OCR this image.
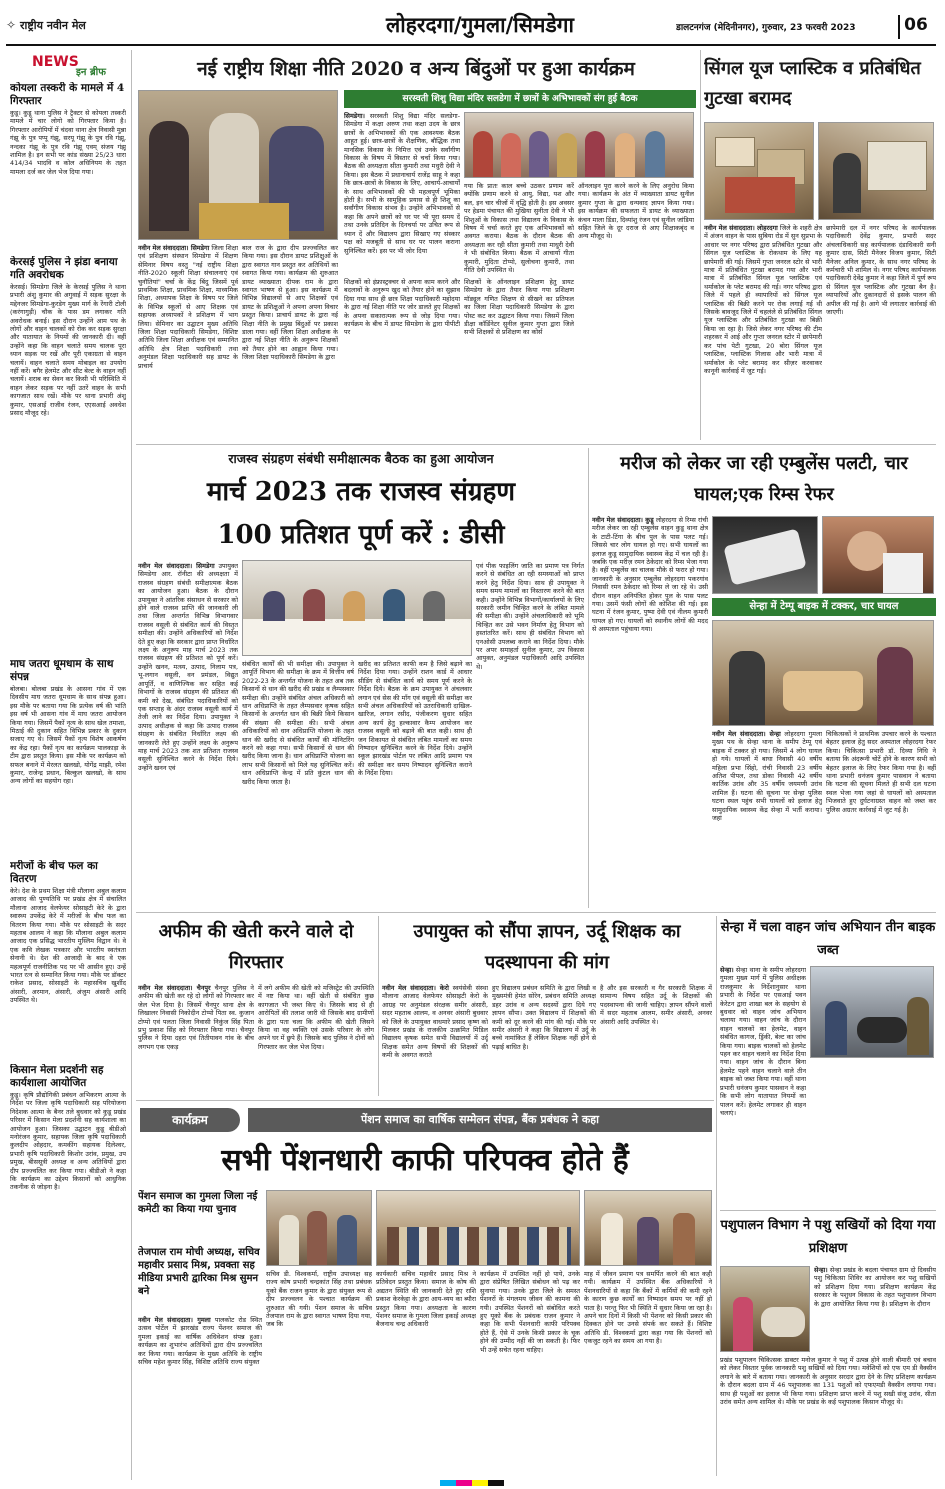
✧ राष्ट्रीय नवीन मेल	लोहरदगा/गुमला/सिमडेगा	डालटनगंज (मेदिनीनगर), गुरुवार, 23 फरवरी 2023	06
NEWS
इन ब्रीफ
कोयला तस्करी के मामले में 4 गिरफ्तार
कुडू। कुडू थाना पुलिस ने ट्रैक्टर से कोयला तस्करी मामले में चार लोगो को गिरफ्तार किया है। गिरफ्तार आरोपियों में चंदवा थाना क्षेत्र निवासी मुन्ना गंझू के पुत्र पप्पू गंझू, सरयू गंझू के पुत्र रवि गंझू, नन्दका गंझू के पुत्र रवि गंझू एवम् संजय गंझू शामिल है। इन सभी पर कांड संख्या 25/23 धारा 414/34 भादवि व कोल अधिनियम के तहत मामला दर्ज कर जेल भेज दिया गया।
केरसई पुलिस ने झंडा बनाया गति अवरोधक
केरसई। सिमडेगा जिले के केरसई पुलिस ने थाना प्रभारी अंशु कुमार की अगुवाई में सड़क सुरक्षा के मद्देनजर सिमडेगा-कुरडेग मुख्य मार्ग के रेंगारी टोली (करंगागुड़ी) चौक के पास डम लगाकर गति अवरोधक बनाई। इस दौरान उन्होंने आम पथ के लोगों और वाहन चालकों को रोक कर सड़क सुरक्षा और यातायात के नियमों की जानकारी दी। वहीं उन्होंने कहा कि वाहन चलाते समय चालक पूरा ध्यान सड़क पर रखें और पूरी एकाग्रता से वाहन चलायें। वाहन चलाते समय मोबाइल का उपयोग नहीं करें। बगैर हेलमेट और सीट बेल्ट के वाहन नहीं चलायें। शराब का सेवन कर किसी भी परिस्थिति में वाहन लेकर सड़क पर नहीं उतरें वाहन के सभी कागजात साथ रखें। मौके पर थाना प्रभारी अंशु कुमार, एसआई राजीव रंजन, एएसआई अवधेश प्रसाद मौजूद रहे।
माघ जतरा धूमधाम के साथ संपन्न
बोलबा। बोलबा प्रखंड के आसना गांव में एक दिवसीय माघ जतरा धूमधाम के साथ संपन्न हुआ। इस मौके पर बताया गया कि प्रत्येक वर्ष की भांति इस वर्ष भी आसना गांव में माघ जतरा आयोजन किया गया। जिसमें पैकों नृत्य के साथ खेल तमाशा, मिठाई की दुकान सहित विभिन्न प्रकार के दुकान सजाए गए थे। जिसमें पैकों नृत्य विशेष आकर्षण का केंद्र रहा। पैकों नृत्य का कार्यक्रम पालकाड़ा के टीम द्वारा प्रस्तुत किया। इस मौके पर कार्यक्रम को सफल बनाने में मेरलत खलखो, योगेंद्र माझी, रमेश कुमार, राजेन्द्र प्रधान, बिल्कुल खलखो, के साथ अन्य लोगों का सहयोग रहा।
मरीजों के बीच फल का वितरण
केरे। देश के प्रथम शिक्षा मंत्री मौलाना अबुल कलाम आजाद की पुण्यतिथि पर प्रखंड क्षेत्र में संचालित मौलाना आजाद वेलफेयर सोसाइटी केरे के द्वारा स्वास्थ्य उपकेंद्र केरे में मरीजों के बीच फल का वितरण किया गया। मौके पर सोसाइटी के सदर महताब आलम ने कहा कि मौलाना अबुल कलाम आजाद एक प्रसिद्ध भारतीय मुस्लिम विद्वान थे। वे एक कवि लेखक पत्रकार और भारतीय स्वतंत्रता सेनानी थे। देश की आजादी के बाद वे एक महत्वपूर्ण राजनीतिक पद पर भी आसीन हुए। उन्हें भारत रत्न से सम्मानित किया गया। मौके पर डॉक्टर राकेश प्रसाद, सोसाइटी के महासचिव खुर्शीद अंसारी, अरमान, अंसारी, अंजुम अंसारी आदि उपस्थित थे।
किसान मेला प्रदर्शनी सह कार्यशाला आयोजित
कुडू। कृषि प्रौद्योगिकी प्रबंधन अभिकरण आत्मा के निर्देश पर जिला कृषि पदाधिकारी सह परियोजना निदेशक आत्मा के बैनर तले बुधवार को कुडू प्रखंड परिसर में किसान मेला प्रदर्शनी सह कार्यशाला का आयोजन हुआ। जिसका उद्घाटन कुडू बीडीओ मनोरंजन कुमार, सहायक जिला कृषि पदाधिकारी कुलदीप ओहदार, कमकींग सहायक दिलेश्वर, प्रभारी कृषि पदाधिकारी किशोर उरांव, प्रमुख, उप प्रमुख, बीससूत्री अध्यक्ष व अन्य अतिथियों द्वारा दीप प्रज्ज्वलित कर किया गया। बीडीओ ने कहा कि कार्यक्रम का उद्देश्य किसानों को आधुनिक तकनीक से जोड़ना है।
नई राष्ट्रीय शिक्षा नीति 2020 व अन्य बिंदुओं पर हुआ कार्यक्रम
सरस्वती शिशु विद्या मंदिर सलडेगा में छात्रों के अभिभावकों संग हुई बैठक
सिमडेगा। सरस्वती शिशु विद्या मंदिर सलडेगा-सिमडेगा में कक्षा अरुण तथा कक्षा उदय के छात्र छात्रों के अभिभावकों की एक आवश्यक बैठक आहूत हुई। छात्र-छात्रों के शैक्षणिक, बौद्धिक तथा मानसिक विकास के निमित्त एवं उनके सर्वांगीण विकास के विषय में विस्तार से चर्चा किया गया। बैठक की अध्यक्षता सीता कुमारी तथा मधुरी देवी ने किया। इस बैठक में प्रधानाचार्य राजेंद्र साहू ने कहा कि छात्र-छात्रों के विकास के लिए, आचार्य-आचार्यों के साथ अभिभावकों की भी महत्वपूर्ण भूमिका होती है। सभी के सामूहिक प्रयास से ही शिशु का सर्वांगीण विकास संभव है। उन्होंने अभिभावकों से कहा कि अपने छात्रों को घर पर भी पूरा समय दें तथा उनके प्रतिदिन के दिनचर्या पर उचित रूप से ध्यान दें और विद्यालय द्वारा सिखाए गए संस्कार पक्ष को मजबूती से साथ घर पर पालन कराना सुनिश्चित करें। इस पर भी जोर दिया
गया कि प्रातः काल बच्चे उठकर प्रणाम करें क्योंकि प्रणाम करने से आयु, विद्या, यश और बल, इन चार चीजों में वृद्धि होती है। इस अवसर पर हेडमा पंचायत की मुखिया सुनीता देवी ने भी शिशुओं के विकास तथा विद्यालय के विकास के विषय में चर्चा करते हुए एक अभिभावकों को अवगत कराया। बैठक के दौरान बैठक की अध्यक्षता कर रही सीता कुमारी तथा माधुरी देवी ने भी संबोधित किया। बैठक में आचार्या गीता कुमारी, मुदिता टोप्पो, सुलोचना कुमारी, तथा गीति देवी उपस्थित थे।
ऑनलाइन पूरा करने करने के लिए अनुरोध किया गया। कार्यक्रम के अंत में व्याख्याता डायट सुनील कुमार गुप्ता के द्वारा धन्यवाद ज्ञापन किया गया। इस कार्यक्रम की सफलता में डायट के व्याख्याता कंचन माला डिंडा, दिव्यांशु रंजन एवं सुनील जांडिया सहित जिले के दूर दराज से आए शिक्षाकबृंद व अन्य मौजूद थे।
नवीन मेल संवाददाता। सिमडेगा जिला शिक्षा एवं प्रशिक्षण संस्थान सिमडेगा में शिक्षण सेमिनार विषय वस्तु "नई राष्ट्रीय शिक्षा नीति-2020 स्कूली शिक्षा संचालनाएं एवं चुनौतियां" चर्चा के केंद्र बिंदु जिसमें पूर्व प्राथमिक शिक्षा, प्राथमिक शिक्षा, माध्यमिक शिक्षा, अध्यापक शिक्षा के विषय पर जिले के विभिन्न स्कूलों से आए शिक्षक एवं सहायक अध्यापकों ने प्रशिक्षण में भाग लिया। सेमिनार का उद्घाटन मुख्य अतिथि जिला शिक्षा पदाधिकारी सिमडेगा, विशिष्ट अतिथि जिला शिक्षा अधीक्षक एवं सम्मानित अतिथि क्षेत्र शिक्षा पदाधिकारी तथा अनुमंडल शिक्षा पदाधिकारी सह डायट के प्राचार्य
बाल राज के द्वारा दीप प्रज्ज्वलित कर किया गया। इस दौरान डायट प्रशिक्षुओं के द्वारा स्वागत गान प्रस्तुत कर अतिथियों का स्वागत किया गया। कार्यक्रम की शुरुआत डायट व्याख्याता दीपक राम के द्वारा स्वागत भाषण से हुआ। इस कार्यक्रम में विभिन्न विद्यालयों से आए शिक्षकों एवं डायट के प्रशिक्षुओं ने अपना अपना विचार प्रस्तुत किया। प्राचार्य डायट के द्वारा नई शिक्षा नीति के प्रमुख बिंदुओं पर प्रकाश डाला गया। वहीं जिला शिक्षा अधीक्षक के द्वारा नई शिक्षा नीति के अनुरूप शिक्षकों को तैयार होने का आह्वान किया गया। जिला शिक्षा पदाधिकारी सिमडेगा के द्वारा
शिक्षकों को इंफ्रास्ट्रक्चर से अपना काम करने और बदलावों के अनुरूप खुद को तैयार होने का सुझाव दिया गया साथ ही छात्र शिक्षा पदाधिकारी महोदया के द्वारा नई शिक्षा नीति पर जोर डालते हुए शिक्षकों के अपना सकारात्मक रूप से जोड़ दिया गया। कार्यक्रम के बीच में डायट सिमडेगा के द्वारा पीपीटी पर
शिक्षकों के ऑनलाइन प्रशिक्षण हेतु डायट सिमडेगा के द्वारा तैयार किया गया प्रशिक्षण मॉड्यूल गणित शिक्षण से सीखने का प्रतिफल का जिला शिक्षा पदाधिकारी सिमडेगा के द्वारा पोस्ट कट कर उद्घाटन किया गया। जिसमें जिला डीक्षा कॉर्डिनेटर सुनील कुमार गुप्ता द्वारा जिले सभी शिक्षकों से प्रशिक्षण का कोर्स
सिंगल यूज प्लास्टिक व प्रतिबंधित गुटखा बरामद
नवीन मेल संवाददाता। लोहरदगा जिले के शहरी क्षेत्र में अंजन वाहन के पास सुबिया रोड में सुन सुप्रभा के आधार पर नगर परिषद द्वारा प्रतिबंधित गुटखा और सिंगल यूज प्लास्टिक के रोकथाम के लिए यह छापेमारी की गई। जिसमें गुप्ता जनरल स्टोर से भारी मात्रा में प्रतिबंधित गुटखा बरामद गया और भारी मात्रा में प्रतिबंधित सिंगल यूज प्लास्टिक एवं थर्माकोल के प्लेट बरामद की गई। नगर परिषद द्वारा जिले में पहले ही व्यापारियों को सिंगल यूज प्लास्टिक की बिक्री करने पर रोक लगाई गई थी जिसके बावजूद जिले में चहलंले से प्रतिबंधित सिंगल यूज प्लास्टिक और प्रतिबंधित गुटखा का बिक्री किया जा रहा है। जिसे लेकर नगर परिषद की टीम शहरकर में आई और गुप्ता जनरल स्टोर में छापेमारी कर पांच पेटी गुटखा, 20 बोरा सिंगल यूज प्लास्टिक, प्लास्टिक गिलास और भारी मात्रा में थर्माकोल के प्लेट बरामद कर सीज़र करवाकर कानूनी कार्रवाई में जुट गई।
छापेमारी दल में नगर परिषद के कार्यपालक पदाधिकारी देवेंद्र कुमार, प्रभारी सदर अंचलाधिकारी सह कार्यपालक दंडाधिकारी सनी कुमार दास, सिटी मैनेजर विजय कुमार, सिटी मैनेजर अनिल कुमार, के साथ नगर परिषद के कर्मचारी भी शामिल थे। नगर परिषद कार्यपालक पदाधिकारी देवेंद्र कुमार ने कहा जिले में पूर्ण रूप से सिंगल यूज प्लास्टिक और गुटखा बैन है। व्यापारियों और दुकानदारों से इसके पालन की अपील की गई है। आगे भी लगातार कार्रवाई की जाएगी।
राजस्व संग्रहण संबंधी समीक्षात्मक बैठक का हुआ आयोजन
मार्च 2023 तक राजस्व संग्रहण
100 प्रतिशत पूर्ण करें : डीसी
नवीन मेल संवाददाता। सिमडेगा उपायुक्त सिमडेगा आर. रॉनीटा की अध्यक्षता में राजस्व संग्रहण संबंधी समीक्षात्मक बैठक का आयोजन हुआ। बैठक के दौरान उपायुक्त ने आंतरिक संसाधन से सरकार को होने वाले राजस्व प्राप्ति की जानकारी ली तथा जिला अन्तर्गत विभिन्न विभागवार राजस्व वसूली से संबंधित कार्य की विस्तृत समीक्षा की। उन्होंने अधिकारियों को निर्देश देते हुए कहा कि सरकार द्वारा प्राप्त निर्धारित लक्ष्य के अनुरूप माह मार्च 2023 तक राजस्व संग्रहण की प्रतिशत को पूर्ण करें। उन्होंने खनन, मत्स्य, उत्पाद, निलाम पत्र, भू-लगान वसूली, वन प्रमंडल, विद्युत आपूर्ति, व वाणिज्यिक कर सहित कई विभागों के राजस्व संग्रहण की प्रतिशत की कमी को देख, संबंधित पदाधिकारियों को एक सप्ताह के अंदर राजस्व वसूली कार्य में तेजी लाने का निर्देश दिया। उपायुक्त ने उत्पाद अधीक्षक से कहा कि उत्पाद राजस्व संग्रहण के संबंधित निर्धारित लक्ष्य की जानकारी लेते हुए उन्होंने लक्ष्य के अनुरूप माह मार्च 2023 तक शत प्रतिशत राजस्व वसूली सुनिश्चित करने के निर्देश दिये। उन्होंने खनन एवं
संबंधित कार्यों की भी समीक्षा की। उपायुक्त ने आपूर्ति विभाग की समीक्षा के क्रम में वित्तीय वर्ष 2022-23 के अन्तर्गत योजना के तहत अब तक किसानों से धान की खरीद की प्रखंड व लैम्पसवार समीक्षा की। उन्होंने संबंधित अंचल अधिकारी को धान अधिप्राप्ति के तहत लैम्पसवार कृषक सहित किसानों के अन्तर्गत धान की बिक्री किये किसान की संख्या की समीक्षा की। सभी अंचल अधिकारियों को धान अधिप्राप्ति योजना के तहत धान की खरीद से संबंधित कार्यों की मॉनिटरिंग करने को कहा गया। सभी किसानों से धान की खरीद किया जाना है। धान अधिप्राप्ति योजना का लाभ सभी किसानों को मिले यह सुनिश्चित करें। धान अधिप्राप्ति केन्द्र में प्रति कुंटल धान की खरीद किया जाता है।
खरीद का प्रतिशत काफी कम है जिसे बढ़ाने का निर्देश दिया गया। उन्होंने राशन कार्ड में आधार सीडिंग से संबंधित कार्य को समय पूर्ण करने के निर्देश दिये। बैठक के क्रम उपायुक्त ने अंचलवार लगान एवं सेस की माँग एवं वसूली की समीक्षा कर सभी अंचल अधिकारियों को उतराधिकारी दाखिल-खारिज, लगान रसीद, पंजीकरण सुधार सहित अन्य कार्य हेतु हल्कावार कैम्प आयोजन कर राजस्व वसूली को बढ़ाने की बात कही। साथ ही जन शिकायत से संबंधित लंबित मामलों का समय निष्पादन सुनिश्चित करने के निर्देश दिये। उन्होंने स्कूल झारखंड पोर्टल पर लंबित आदि प्रमाण पत्र की समीक्षा कर समय निष्पादन सुनिश्चित कराने के निर्देश दिया।
एवं पीक फाइलिंग जाति का प्रमाण पत्र निर्गत करने से संबंधित आ रही समस्याओं को प्राप्त करने हेतु निर्देश दिया। साथ ही उपायुक्त ने समय समय मामलों का निस्तारण करने की बात कही। उन्होंने विभिन्न विभागों/कार्यालयों के लिए सरकारी जमीन चिन्हित करने के लंबित मामले की समीक्षा की। उन्होंने अंचलाधिकारी को भूमि चिन्हित कर उसे भवन निर्माण हेतु विभाग को हस्तांतरित करें। साथ ही संबंधित विभाग को एनओसी उपलब्ध कराने का निर्देश दिया। मौके पर अपर समाहर्ता सुनील कुमार, उप विकास आयुक्त, अनुमंडल पदाधिकारी आदि उपस्थित थे।
मरीज को लेकर जा रही एम्बुलेंस पलटी, चार घायल;एक रिम्स रेफर
नवीन मेल संवाददाता। कुडू लोहरदगा से रिम्स रांची मरीज लेकर जा रही एम्बुलेंस वाहन कुडू थाना क्षेत्र के टाटी-टिंगा के बीच पुल के पास पलट गई। जिससे चार लोग घायल हो गए। सभी घायलों का इलाज कुडू सामुदायिक स्वास्थ्य केंद्र में चल रही है। जबकि एक मरीज़ रमन ठेकेदार को रिम्स भेजा गया है। वहीं एम्बुलेंस का चालक मौके से फरार हो गया। जानकारी के अनुसार एम्बुलेंस लोहरदगा पकरगांव निवासी रमन ठेकेदार को रिम्स ले जा रहे थे। उसी दौरान वाहन अनियंत्रित होकर पुल के पास पलट गया। उसमें फंसी लोगों की कोशिश की गई। इस घटना में रंजन कुमार, पुष्पा देवी एवं नीलम कुमारी घायल हो गए। घायलों को स्थानीय लोगों की मदद से अस्पताल पहुंचाया गया।
सेन्हा में टेम्पू बाइक में टक्कर, चार घायल
नवीन मेल संवाददाता। सेन्हा लोहरदगा गुमला मुख्य पथ के सेन्हा थाना के समीप टेम्पू एवं बाइक में टक्कर हो गया। जिसमें 4 लोग घायल हो गये। घायलों में बाघा निवासी 40 वर्षीय महिला प्रभा सिंहो, रांची निवासी 23 वर्षीय अतिश पीपल, तथा डोका निवासी 42 वर्षीय कार्तिक उरांव और 35 वर्षीय जयमणी उरांव शामिल हैं। घटना की सूचना पर सेन्हा पुलिस घटना स्थल पहुंच सभी घायलों को इलाज हेतु सामुदायिक स्वास्थ्य केंद्र सेन्हा में भर्ती कराया। जहां
चिकित्सकों ने प्राथमिक उपचार करने के पश्चात बेहतर इलाज हेतु सदर अस्पताल लोहरदगा रेफर किया। चिकित्सा प्रभारी डॉ. दिव्या निधि ने बताया कि अंदरूनी चोटें होने के कारण सभी को बेहतर इलाज के लिए रेफर किया गया है। वहीं थाना प्रभारी धनंजय कुमार पासवान ने बताया कि घटना की सूचना मिलते ही सभी दल घटना स्थल भेजा गया जहां से घायलों को अस्पताल भिजवाते हुए दुर्घटनाग्रस्त वाहन को जब्त कर पुलिस अग्रतर कार्रवाई में जुट गई है।
अफीम की खेती करने वाले दो गिरफ्तार
नवीन मेल संवाददाता। चैनपुर चैनपुर पुलिस ने अफीम की खेती कर रहे दो लोगों को गिरफ्तार कर जेल भेज दिया है। जिसमें चैनपुर थाना क्षेत्र के लिखालर निवासी निकोदीन टोप्पो पिता स्व. कुजान टोप्पो एवं पलता जिला निवासी निकुंज सिंह पिता प्रभु प्रकाश सिंह को गिरफ्तार किया गया। चैनपुर पुलिस ने दिया दहरा एवं तितीयावन गांव के बीच लगभग एक एकड़
में लगे अफीम की खेती को मजिस्ट्रेट की उपस्थिति में नष्ट किया था। वहीं खेती से संबंधित कुछ कागजात भी जब्त किए थे। जिसके बाद से ही आरोपितों की तलाश जारी थी जिसके बाद ग्रामीणों के द्वारा पता चला कि अफीम की खेती जिसने किया था वह व्यक्ति एवं उसके परिवार के लोग अपने घर में छुपे हैं। जिसके बाद पुलिस ने दोनों को गिरफ्तार कर जेल भेज दिया।
उपायुक्त को सौंपा ज्ञापन, उर्दू शिक्षक का पदस्थापना की मांग
नवीन मेल संवाददाता। केरो स्वयंसेवी संस्था मौलाना आजाद वेलफेयर सोसाइटी केरो के आग्रह पर अनुमंडल संरक्षक समीर अंसारी, सदर महताब आलम, व अनवर अंसारी बुधवार को जिले के उपायुक्त वाधमारे प्रसाद कृष्ण को मिलकर प्रखंड के राजकीय उत्क्रमित मिडिल विद्यालय कृषक समेत सभी विद्यालयों में उर्दू शिक्षक समेत अन्य विषयों की शिक्षकों की कमी के अवगत कराते
हुए विद्यालय प्रबंधन समिति के द्वारा लिखी व मुख्यमंत्री हेमंत सोरेन, प्रबंधन समिति अध्यक्ष डहर उरांव व अन्य सदस्यों द्वारा दिये गए ज्ञापन सौंपा। उक्त विद्यालय में शिक्षकों की कमी को दूर करने की मांग की गई। मौके पर समीर अंसारी ने कहा कि विद्यालय में उर्दू के बच्चे नामांकित हैं लेकिन शिक्षक नहीं होने से पढ़ाई बाधित है।
है और इस सरकारी व गैर सरकारी शिक्षक में सामान्य विषय सहित उर्दू के शिक्षकों की पदस्थापना की जानी चाहिए। ज्ञापन सौंपने वालों में सदर महताब आलम, समीर अंसारी, अनवर अंसारी आदि उपस्थित थे।
सेन्हा में चला वाहन जांच अभियान तीन बाइक जब्त
सेन्हा। सेन्हा थाना के समीप लोहरदगा गुमला मुख्य मार्ग में पुलिस अधीक्षक राजकुमार के निर्देशानुसार थाना प्रभारी के निर्देश पर एसआई पवन केरेटन द्वारा शाखा बल के सहयोग से बुधवार को वाहन जांच अभियान चलाया गया। वाहन जांच के दौरान वाहन चालकों का हेलमेट, वाहन संबंधित कागज, ड्रिंकी, बेल्ट का जांच किया गया। बाइक चालकों को हेलमेट पहन कर वाहन चलाने का निर्देश दिया गया। वाहन जांच के दौरान बिना हेलमेट पहने वाहन चलाने वाले तीन बाइक को जब्त किया गया। वहीं थाना प्रभारी धनंजय कुमार पासवान ने कहा कि सभी लोग यातायात नियमों का पालन करें। हेलमेट लगाकर ही वाहन चलाएं।
कार्यक्रम	पेंशन समाज का वार्षिक सम्मेलन संपन्न, बैंक प्रबंधक ने कहा
सभी पेंशनधारी काफी परिपक्व होते हैं
पेंशन समाज का गुमला जिला नई कमेटी का किया गया चुनाव
तेजपाल राम मोची अध्यक्ष, सचिव महावीर प्रसाद मिश्र, प्रवक्ता सह मीडिया प्रभारी द्वारिका मिश्र सुमन बने
नवीन मेल संवाददाता। गुमला पालकोट रोड स्थित उत्सव पोर्टेल में झारखंड राज्य पेंशनर समाज की गुमला इकाई का वार्षिक अधिवेशन संपन्न हुआ। कार्यक्रम का शुभारंभ अतिथियों द्वारा दीप प्रज्ज्वलित कर किया गया। कार्यक्रम के मुख्य अतिथि के राष्ट्रीय सचिव महेश कुमार सिंह, विशिष्ट अतिथि राज्य संयुक्त
सचिव डी. विश्वकर्मा, राष्ट्रीय उपाध्यक्ष सह राज्य कोष प्रभारी चन्द्रकांत सिंह तथा प्रबंधक यूको बैंक राजन कुमार के द्वारा संयुक्त रूप से दीप प्रज्ज्वलन के पश्चात कार्यक्रम की शुरुआत की गयी। पेंशन समाज के सचिव तेजपाल राम के द्वारा स्वागत भाषण दिया गया, जब कि
कार्यकारी सचिव महावीर प्रसाद मिश्र ने प्रतिवेदन प्रस्तुत किया। समाज के कोष की अद्यतन स्थिति की जानकारी देते हुए राशि प्रकाश केरकेट्टा के द्वारा आय-व्यय का ब्यौरा प्रस्तुत किया गया। अध्यक्षता के कारण पेंशनर समाज के गुमला जिला इकाई अध्यक्ष बैजनाथ चन्द्र अधिकारी
कार्यक्रम में उपस्थित नहीं हो पाये, उनके द्वारा संप्रेषित लिखित संबोधन को पढ़ कर सुनाया गया। उनके द्वारा जिले के समस्त पेंशनरों के मंगलमय जीवन की कामना की गयी। उपस्थित पेंशनरों को संबोधित करते हुए यूको बैंक के प्रबंधक राजन कुमार ने कहा कि सभी पेंशनधारी काफी परिपक्व होते हैं, ऐसे में उनके किसी प्रकार के चूक होने की उम्मीद नहीं की जा सकती है। फिर भी उन्हें सचेत रहना चाहिए।
माह में जीवन प्रमाण पत्र समर्पित करने की बात कही गयी। कार्यक्रम में उपस्थित बैंक अधिकारियों ने पेंशनधारियों से कहा कि बैंकों में कर्मियों की कमी रहने के कारण कुछ कार्यों का निष्पादन समय पर नहीं हो पाता है। परन्तु फिर भी स्थिति में सुधार किया जा रहा है। अपने चार दिनों में किसी भी पेंशनर को किसी प्रकार की दिक्कत होने पर उनसे संपर्क कर सकते हैं। विशिष्ट अतिथि डी. विश्वकर्मा द्वारा कहा गया कि पेंशनरों को एकजुट रहने का समय आ गया है।
पशुपालन विभाग ने पशु सखियों को दिया गया प्रशिक्षण
सेन्हा। सेन्हा प्रखंड के बदला पंचायत ग्राम दो दिवसीय पशु चिकित्सा शिविर का आयोजन कर पशु सखियों को प्रशिक्षण दिया गया। प्रशिक्षण कार्यक्रम केंद्र सरकार के पशुधन विकास के तहत पशुपालन विभाग के द्वारा आयोजित किया गया है। प्रशिक्षण के दौरान
प्रखंड पशुपालन चिकित्सक डाक्टर मनोज कुमार ने पशु में उत्पन्न होने वाली बीमारी एवं बचाव को लेकर विस्तार पूर्वक जानकारी पशु सखियों को दिया गया। मवेशियों को एफ एम डी वैक्सीन लगाने के बारे में बताया गया। जानकारी के अनुसार सरदार द्वारा देने के लिए प्रशिक्षण कार्यक्रम के दौरान बदला ग्राम में 46 पशुपालक का 131 पशुओं को एफएमडी वैक्सीन लगाया गया। साथ ही पशुओं का इलाज भी किया गया। प्रशिक्षण प्राप्त करने में पशु सखी संजू उरांव, सीता उरांव समेत अन्य शामिल थे। मौके पर प्रखंड के कई पशुपालक किसान मौजूद थे।
